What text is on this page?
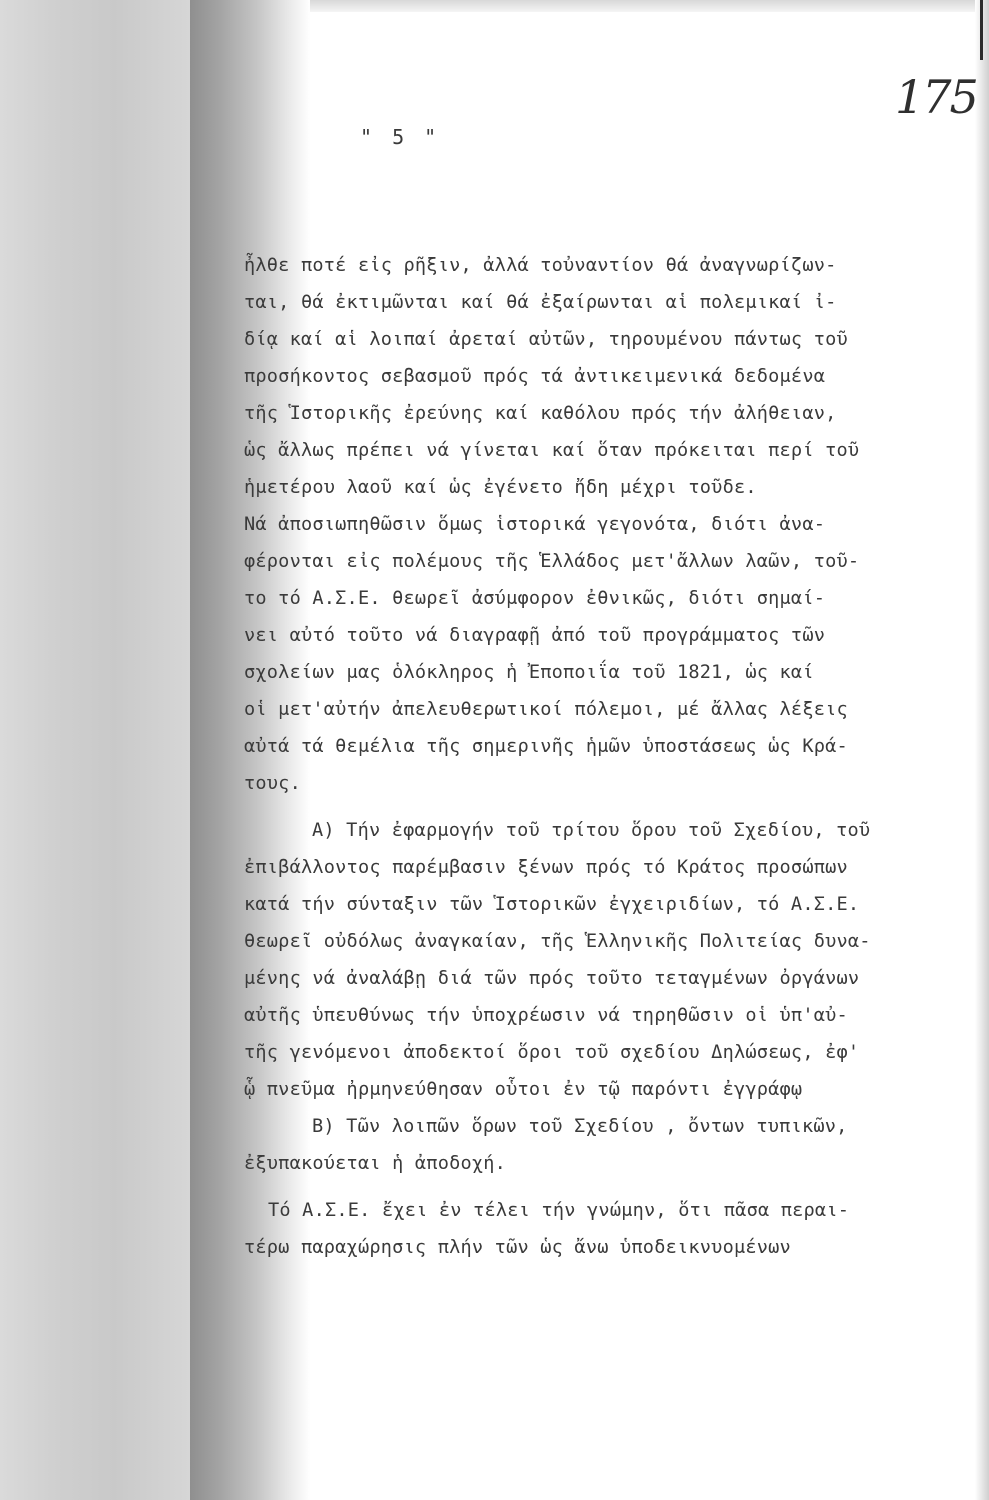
175
" 5 "
ἦλθε ποτέ εἰς ρῆξιν, ἀλλά τοὐναντίον θά ἀναγνωρίζων-
ται, θά ἐκτιμῶνται καί θά ἐξαίρωνται αἱ πολεμικαί ἰ-
δίᾳ καί αἱ λοιπαί ἀρεταί αὐτῶν, τηρουμένου πάντως τοῦ
προσήκοντος σεβασμοῦ πρός τά ἀντικειμενικά δεδομένα
τῆς Ἱστορικῆς ἐρεύνης καί καθόλου πρός τήν ἀλήθειαν,
ὡς ἄλλως πρέπει νά γίνεται καί ὅταν πρόκειται περί τοῦ
ἡμετέρου λαοῦ καί ὡς ἐγένετο ἤδη μέχρι τοῦδε.
Νά ἀποσιωπηθῶσιν ὅμως ἱστορικά γεγονότα, διότι ἀνα-
φέρονται εἰς πολέμους τῆς Ἑλλάδος μετ'ἄλλων λαῶν, τοῦ-
το τό Α.Σ.Ε. θεωρεῖ ἀσύμφορον ἐθνικῶς, διότι σημαί-
νει αὐτό τοῦτο νά διαγραφῇ ἀπό τοῦ προγράμματος τῶν
σχολείων μας ὁλόκληρος ἡ Ἐποποιΐα τοῦ 1821, ὡς καί
οἱ μετ'αὐτήν ἀπελευθερωτικοί πόλεμοι, μέ ἄλλας λέξεις
αὐτά τά θεμέλια τῆς σημερινῆς ἡμῶν ὑποστάσεως ὡς Κρά-
τους.
Α) Τήν ἐφαρμογήν τοῦ τρίτου ὅρου τοῦ Σχεδίου, τοῦ
ἐπιβάλλοντος παρέμβασιν ξένων πρός τό Κράτος προσώπων
κατά τήν σύνταξιν τῶν Ἱστορικῶν ἐγχειριδίων, τό Α.Σ.Ε.
θεωρεῖ οὐδόλως ἀναγκαίαν, τῆς Ἑλληνικῆς Πολιτείας δυνα-
μένης νά ἀναλάβῃ διά τῶν πρός τοῦτο τεταγμένων ὀργάνων
αὐτῆς ὑπευθύνως τήν ὑποχρέωσιν νά τηρηθῶσιν οἱ ὑπ'αὐ-
τῆς γενόμενοι ἀποδεκτοί ὅροι τοῦ σχεδίου Δηλώσεως, ἐφ'
ᾧ πνεῦμα ἠρμηνεύθησαν οὗτοι ἐν τῷ παρόντι ἐγγράφῳ
Β) Τῶν λοιπῶν ὅρων τοῦ Σχεδίου , ὄντων τυπικῶν,
ἐξυπακούεται ἡ ἀποδοχή.
Τό Α.Σ.Ε. ἔχει ἐν τέλει τήν γνώμην, ὅτι πᾶσα περαι-
τέρω παραχώρησις πλήν τῶν ὡς ἄνω ὑποδεικνυομένων
